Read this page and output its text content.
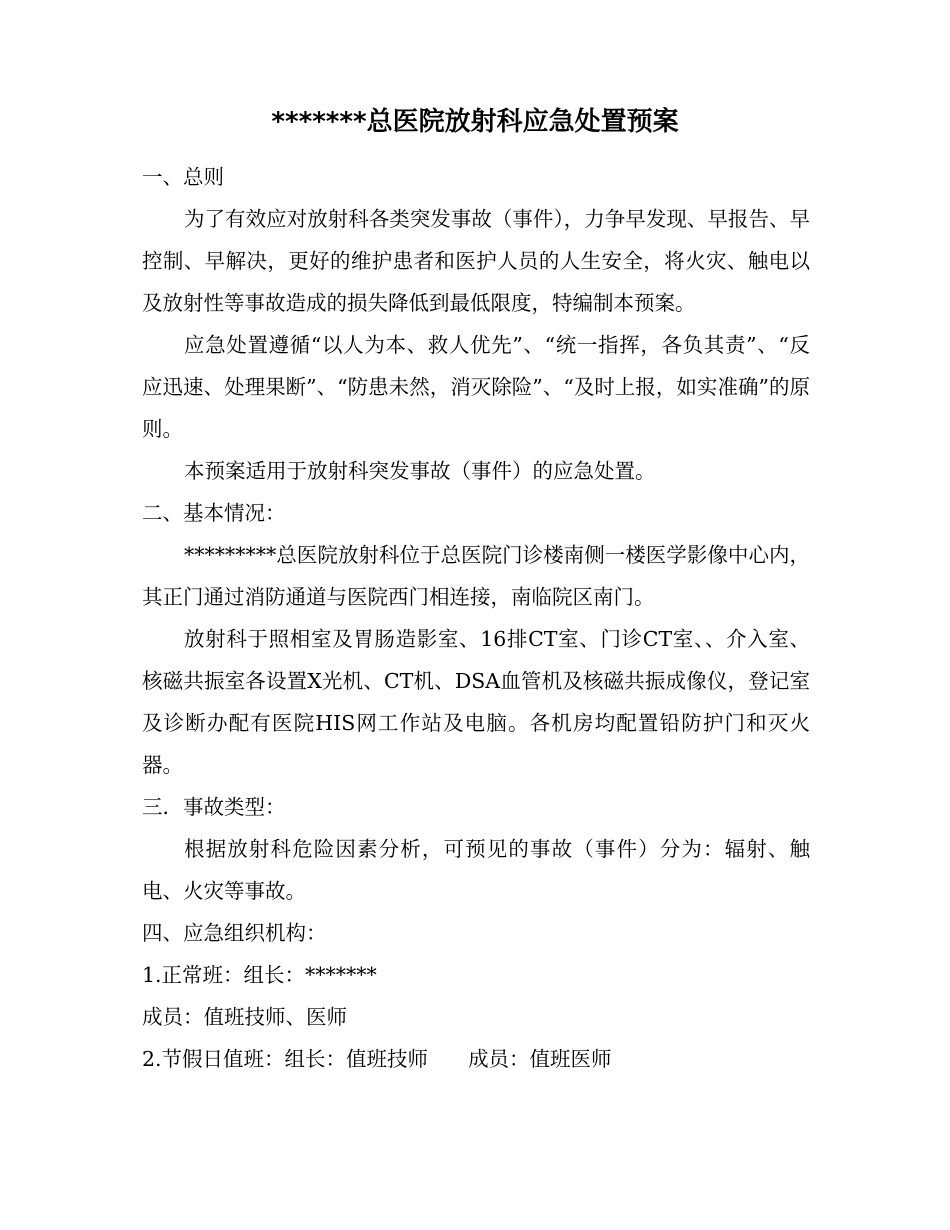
*******总医院放射科应急处置预案

一、总则

为了有效应对放射科各类突发事故（事件），力争早发现、早报告、早控制、早解决，更好的维护患者和医护人员的人生安全，将火灾、触电以及放射性等事故造成的损失降低到最低限度，特编制本预案。

应急处置遵循“以人为本、救人优先”、“统一指挥，各负其责”、“反应迅速、处理果断”、“防患未然，消灭除险”、“及时上报，如实准确”的原则。

本预案适用于放射科突发事故（事件）的应急处置。

二、基本情况：

*********总医院放射科位于总医院门诊楼南侧一楼医学影像中心内，其正门通过消防通道与医院西门相连接，南临院区南门。

放射科于照相室及胃肠造影室、16排CT室、门诊CT室、、介入室、核磁共振室各设置X光机、CT机、DSA血管机及核磁共振成像仪，登记室及诊断办配有医院HIS网工作站及电脑。各机房均配置铅防护门和灭火器。

三．事故类型：

根据放射科危险因素分析，可预见的事故（事件）分为：辐射、触电、火灾等事故。

四、应急组织机构：

1.正常班：组长：*******

成员：值班技师、医师

2.节假日值班：组长：值班技师 成员：值班医师
